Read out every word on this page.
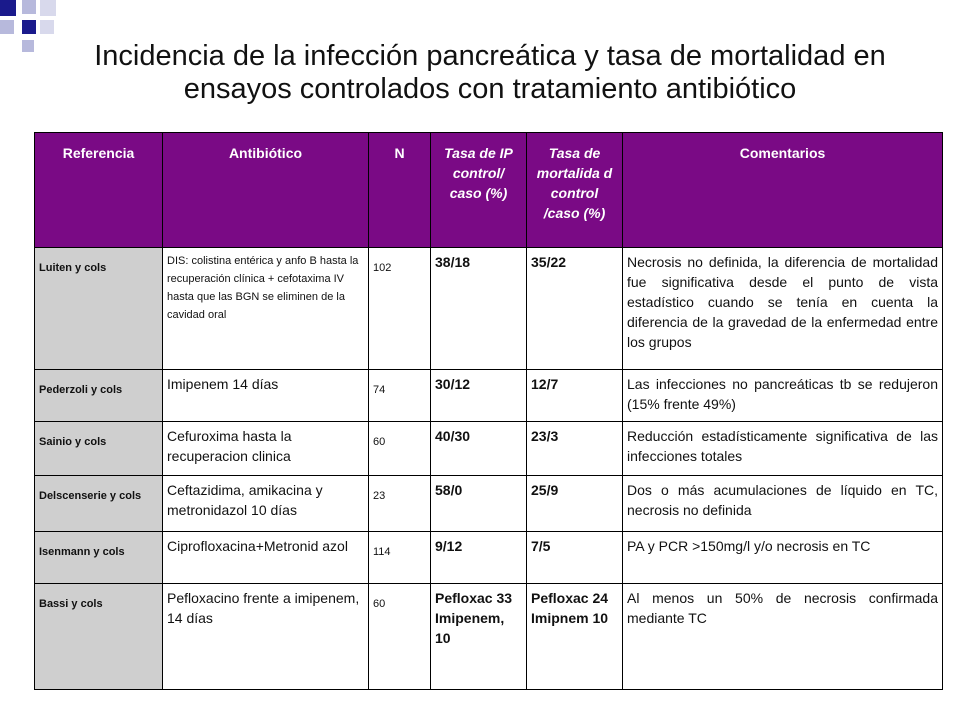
Incidencia de la infección pancreática y tasa de mortalidad en ensayos controlados con tratamiento antibiótico
Referencia	Antibiótico	N	Tasa de IP control/ caso (%)	Tasa de mortalida d control /caso (%)	Comentarios
Luiten y cols	DIS: colistina entérica y anfo B hasta la recuperación clínica + cefotaxima IV hasta que las BGN se eliminen de la cavidad oral	102	38/18	35/22	Necrosis no definida, la diferencia de mortalidad fue significativa desde el punto de vista estadístico cuando se tenía en cuenta la diferencia de la gravedad de la enfermedad entre los grupos
Pederzoli y cols	Imipenem 14 días	74	30/12	12/7	Las infecciones no pancreáticas tb se redujeron (15% frente 49%)
Sainio y cols	Cefuroxima hasta la recuperacion clinica	60	40/30	23/3	Reducción estadísticamente significativa de las infecciones totales
Delscenserie y cols	Ceftazidima, amikacina y metronidazol 10 días	23	58/0	25/9	Dos o más acumulaciones de líquido en TC, necrosis no definida
Isenmann y cols	Ciprofloxacina+Metronid azol	114	9/12	7/5	PA y PCR >150mg/l y/o necrosis en TC
Bassi y cols	Pefloxacino frente a imipenem, 14 días	60	Pefloxac 33 Imipenem, 10	Pefloxac 24 Imipnem 10	Al menos un 50% de necrosis confirmada mediante TC
